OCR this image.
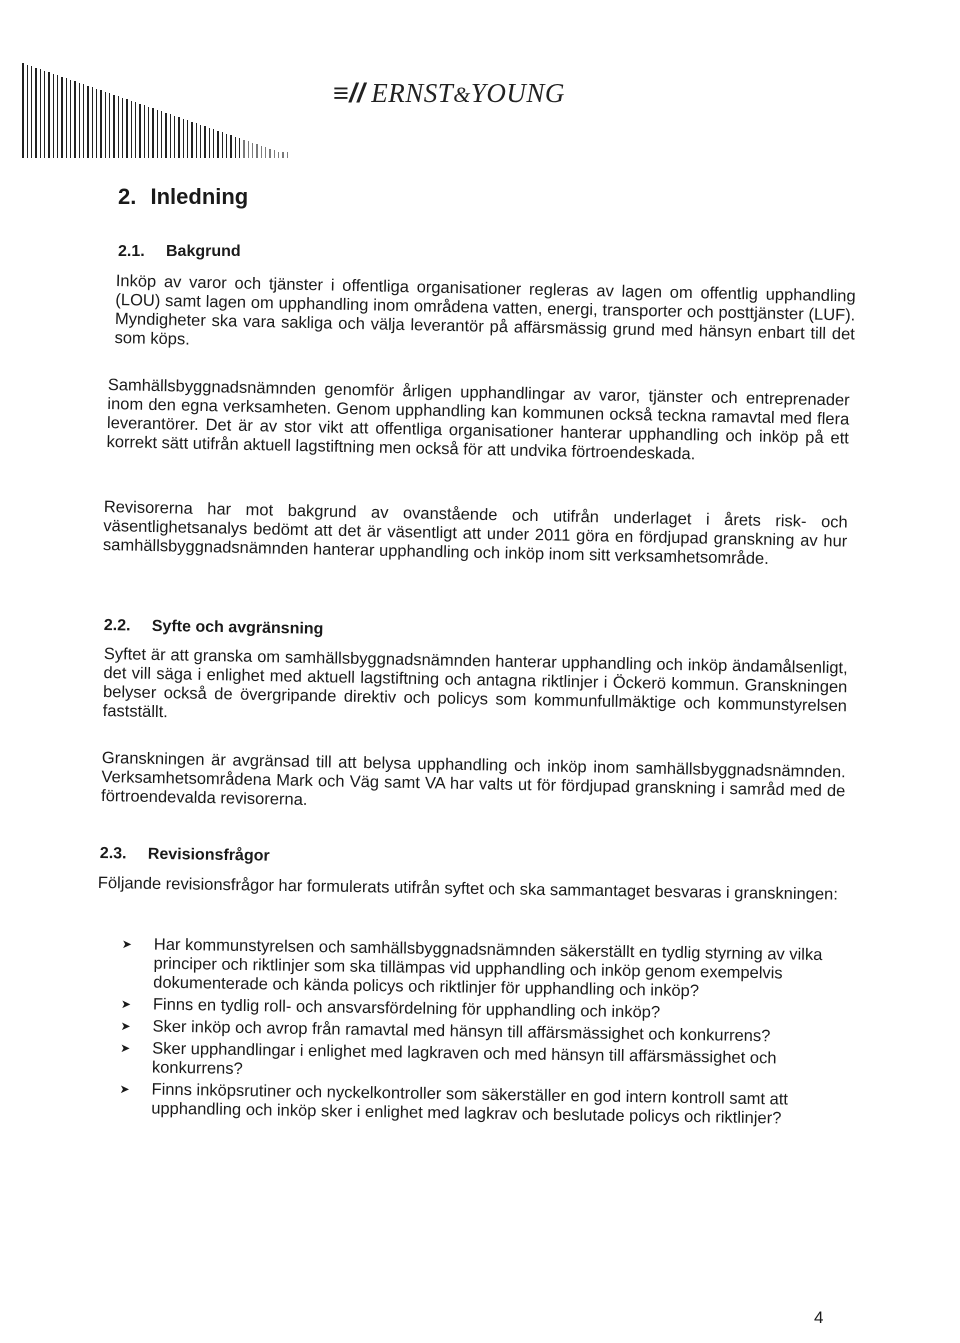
≡// ERNST&YOUNG
2. Inledning
2.1. Bakgrund
Inköp av varor och tjänster i offentliga organisationer regleras av lagen om offentlig upphandling (LOU) samt lagen om upphandling inom områdena vatten, energi, transporter och posttjänster (LUF). Myndigheter ska vara sakliga och välja leverantör på affärsmässig grund med hänsyn enbart till det som köps.
Samhällsbyggnadsnämnden genomför årligen upphandlingar av varor, tjänster och entreprenader inom den egna verksamheten. Genom upphandling kan kommunen också teckna ramavtal med flera leverantörer. Det är av stor vikt att offentliga organisationer hanterar upphandling och inköp på ett korrekt sätt utifrån aktuell lagstiftning men också för att undvika förtroendeskada.
Revisorerna har mot bakgrund av ovanstående och utifrån underlaget i årets risk- och väsentlighetsanalys bedömt att det är väsentligt att under 2011 göra en fördjupad granskning av hur samhällsbyggnadsnämnden hanterar upphandling och inköp inom sitt verksamhetsområde.
2.2. Syfte och avgränsning
Syftet är att granska om samhällsbyggnadsnämnden hanterar upphandling och inköp ändamålsenligt, det vill säga i enlighet med aktuell lagstiftning och antagna riktlinjer i Öckerö kommun. Granskningen belyser också de övergripande direktiv och policys som kommunfullmäktige och kommunstyrelsen fastställt.
Granskningen är avgränsad till att belysa upphandling och inköp inom samhällsbyggnadsnämnden. Verksamhetsområdena Mark och Väg samt VA har valts ut för fördjupad granskning i samråd med de förtroendevalda revisorerna.
2.3. Revisionsfrågor
Följande revisionsfrågor har formulerats utifrån syftet och ska sammantaget besvaras i granskningen:
➤ Har kommunstyrelsen och samhällsbyggnadsnämnden säkerställt en tydlig styrning av vilka principer och riktlinjer som ska tillämpas vid upphandling och inköp genom exempelvis dokumenterade och kända policys och riktlinjer för upphandling och inköp?
➤ Finns en tydlig roll- och ansvarsfördelning för upphandling och inköp?
➤ Sker inköp och avrop från ramavtal med hänsyn till affärsmässighet och konkurrens?
➤ Sker upphandlingar i enlighet med lagkraven och med hänsyn till affärsmässighet och konkurrens?
➤ Finns inköpsrutiner och nyckelkontroller som säkerställer en god intern kontroll samt att upphandling och inköp sker i enlighet med lagkrav och beslutade policys och riktlinjer?
4
